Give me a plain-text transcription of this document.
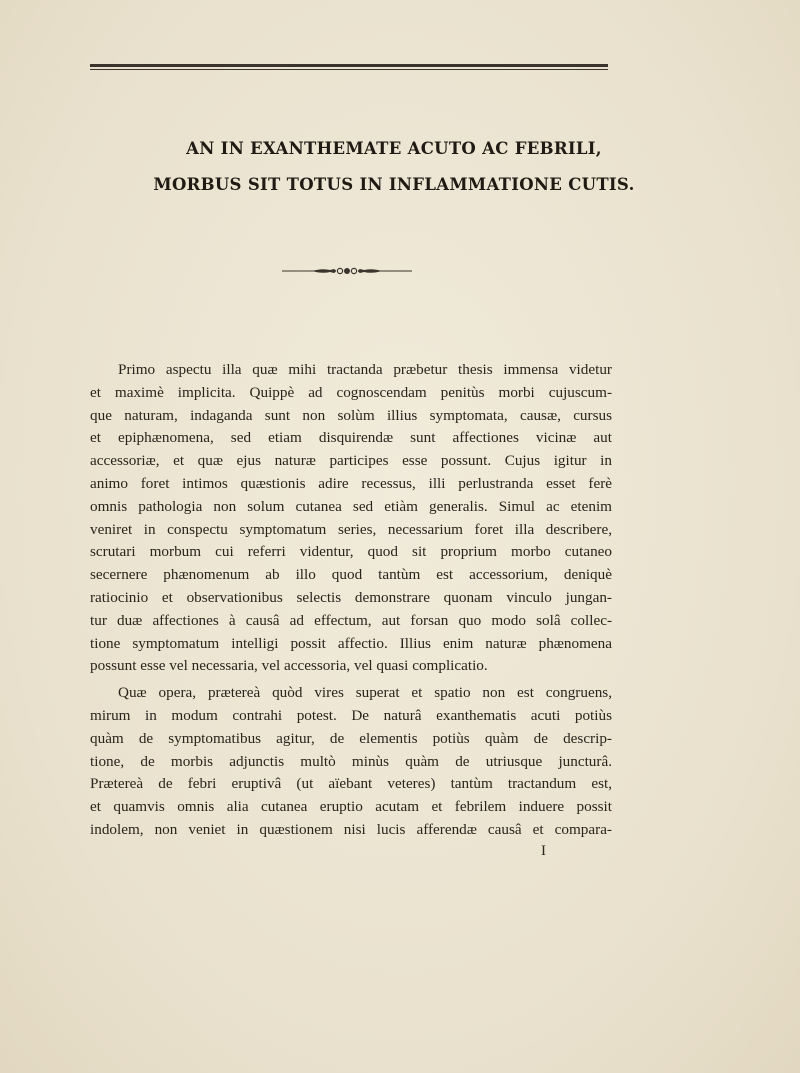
AN IN EXANTHEMATE ACUTO AC FEBRILI,
MORBUS SIT TOTUS IN INFLAMMATIONE CUTIS.
Primo aspectu illa quæ mihi tractanda præbetur thesis immensa videtur
et maximè implicita. Quippè ad cognoscendam penitùs morbi cujuscum-
que naturam, indaganda sunt non solùm illius symptomata, causæ, cursus
et epiphænomena, sed etiam disquirendæ sunt affectiones vicinæ aut
accessoriæ, et quæ ejus naturæ participes esse possunt. Cujus igitur in
animo foret intimos quæstionis adire recessus, illi perlustranda esset ferè
omnis pathologia non solum cutanea sed etiàm generalis. Simul ac etenim
veniret in conspectu symptomatum series, necessarium foret illa describere,
scrutari morbum cui referri videntur, quod sit proprium morbo cutaneo
secernere phænomenum ab illo quod tantùm est accessorium, deniquè
ratiocinio et observationibus selectis demonstrare quonam vinculo jungan-
tur duæ affectiones à causâ ad effectum, aut forsan quo modo solâ collec-
tione symptomatum intelligi possit affectio. Illius enim naturæ phænomena
possunt esse vel necessaria, vel accessoria, vel quasi complicatio.
Quæ opera, prætereà quòd vires superat et spatio non est congruens,
mirum in modum contrahi potest. De naturâ exanthematis acuti potiùs
quàm de symptomatibus agitur, de elementis potiùs quàm de descrip-
tione, de morbis adjunctis multò minùs quàm de utriusque juncturâ.
Prætereà de febri eruptivâ (ut aïebant veteres) tantùm tractandum est,
et quamvis omnis alia cutanea eruptio acutam et febrilem induere possit
indolem, non veniet in quæstionem nisi lucis afferendæ causâ et compara-
I
